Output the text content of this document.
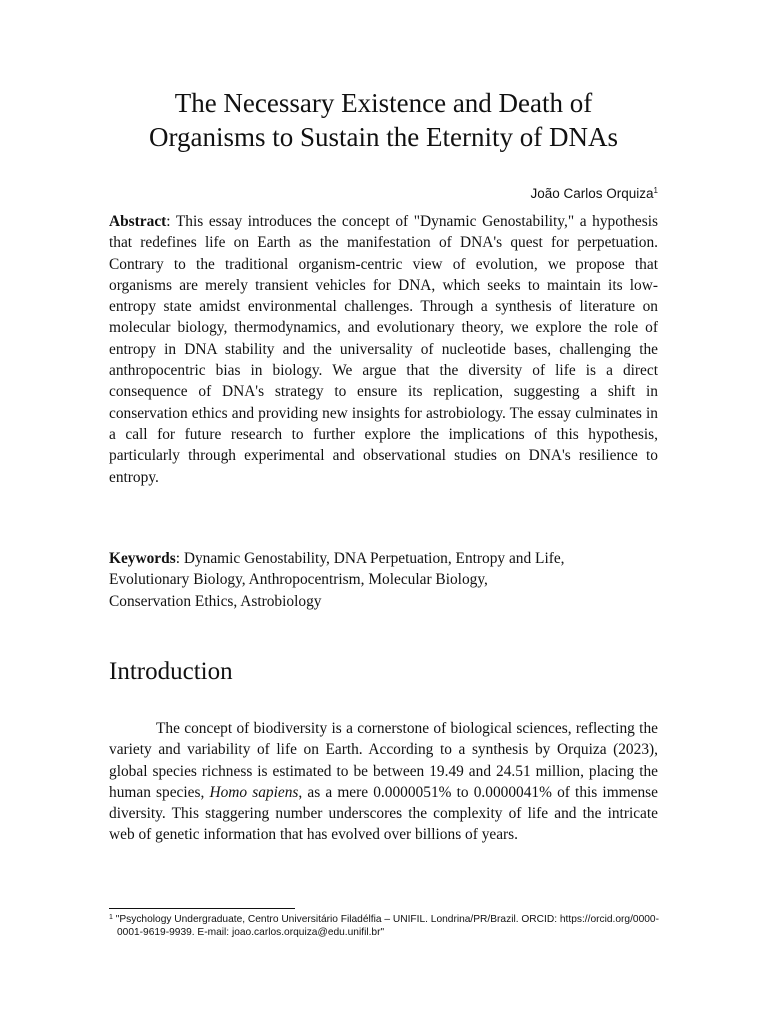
The Necessary Existence and Death of
Organisms to Sustain the Eternity of DNAs
João Carlos Orquiza$^1$

Abstract: This essay introduces the concept of "Dynamic Genostability," a hypothesis that redefines life on Earth as the manifestation of DNA's quest for perpetuation. Contrary to the traditional organism-centric view of evolution, we propose that organisms are merely transient vehicles for DNA, which seeks to maintain its low-entropy state amidst environmental challenges. Through a synthesis of literature on molecular biology, thermodynamics, and evolutionary theory, we explore the role of entropy in DNA stability and the universality of nucleotide bases, challenging the anthropocentric bias in biology. We argue that the diversity of life is a direct consequence of DNA's strategy to ensure its replication, suggesting a shift in conservation ethics and providing new insights for astrobiology. The essay culminates in a call for future research to further explore the implications of this hypothesis, particularly through experimental and observational studies on DNA's resilience to entropy.

Keywords: Dynamic Genostability, DNA Perpetuation, Entropy and Life,
Evolutionary Biology, Anthropocentrism, Molecular Biology,
Conservation Ethics, Astrobiology

Introduction

The concept of biodiversity is a cornerstone of biological sciences, reflecting the variety and variability of life on Earth. According to a synthesis by Orquiza (2023), global species richness is estimated to be between 19.49 and 24.51 million, placing the human species, Homo sapiens, as a mere 0.0000051% to 0.0000041% of this immense diversity. This staggering number underscores the complexity of life and the intricate web of genetic information that has evolved over billions of years.

$^1$ "Psychology Undergraduate, Centro Universitário Filadélfia – UNIFIL. Londrina/PR/Brazil. ORCID: https://orcid.org/0000-0001-9619-9939. E-mail: joao.carlos.orquiza@edu.unifil.br"
